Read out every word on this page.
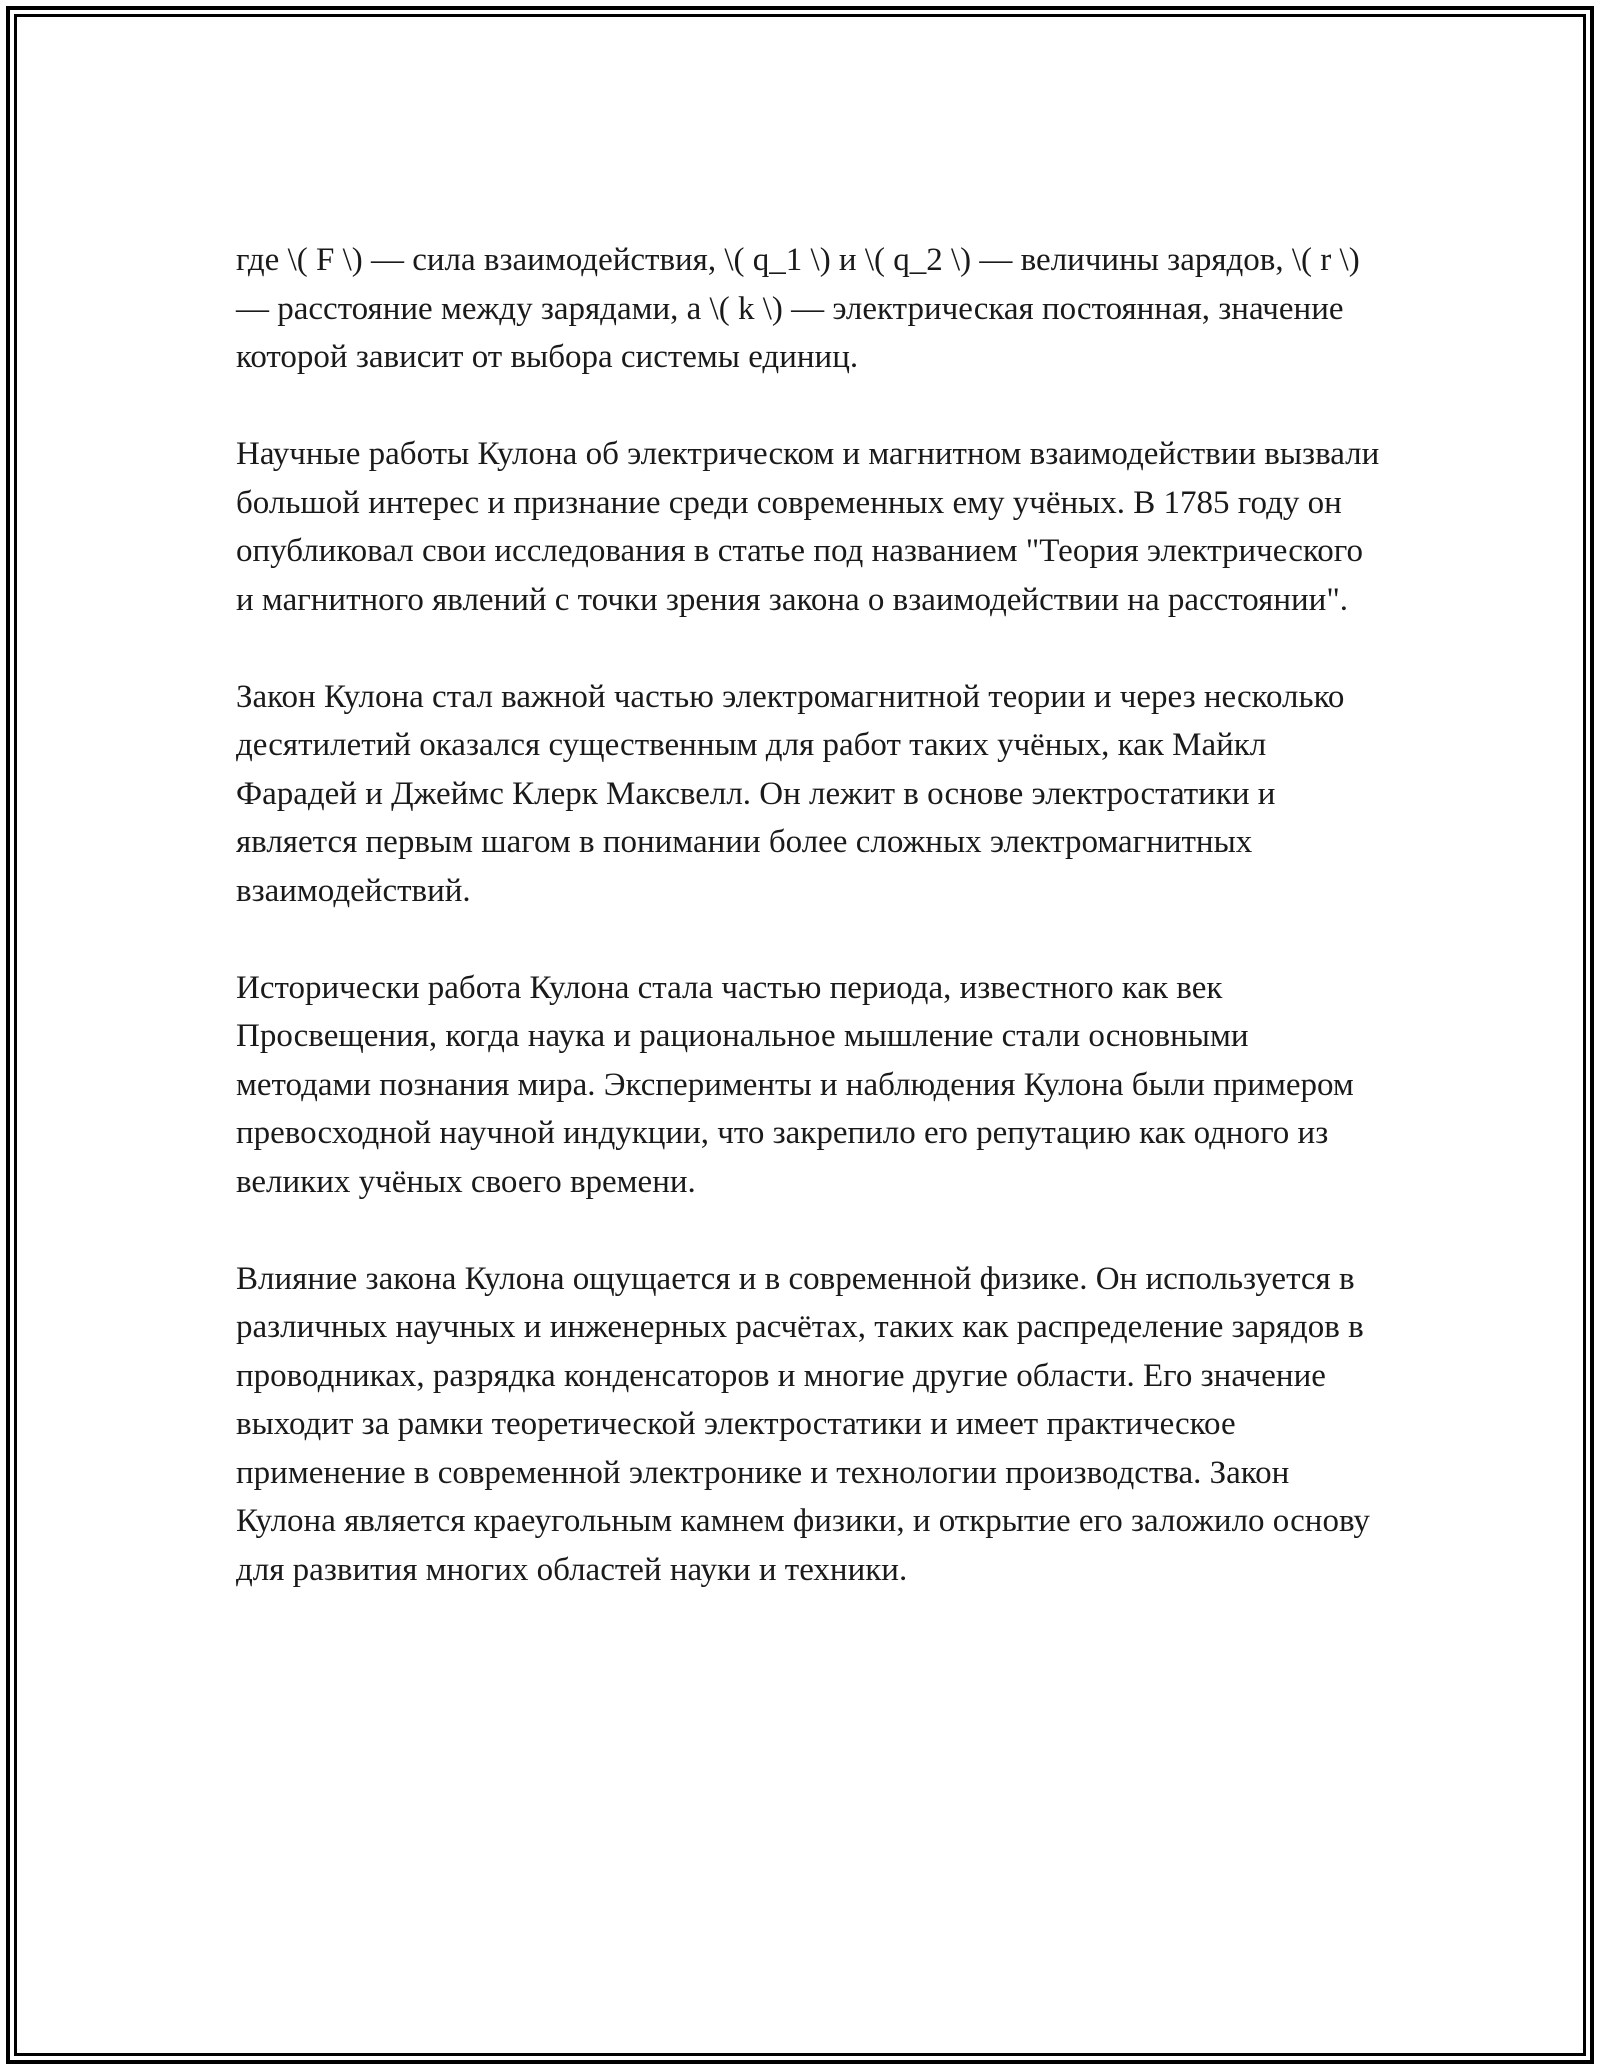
где \( F \) — сила взаимодействия, \( q_1 \) и \( q_2 \) — величины зарядов, \( r \) — расстояние между зарядами, а \( k \) — электрическая постоянная, значение которой зависит от выбора системы единиц.

Научные работы Кулона об электрическом и магнитном взаимодействии вызвали большой интерес и признание среди современных ему учёных. В 1785 году он опубликовал свои исследования в статье под названием "Теория электрического и магнитного явлений с точки зрения закона о взаимодействии на расстоянии".

Закон Кулона стал важной частью электромагнитной теории и через несколько десятилетий оказался существенным для работ таких учёных, как Майкл Фарадей и Джеймс Клерк Максвелл. Он лежит в основе электростатики и является первым шагом в понимании более сложных электромагнитных взаимодействий.

Исторически работа Кулона стала частью периода, известного как век Просвещения, когда наука и рациональное мышление стали основными методами познания мира. Эксперименты и наблюдения Кулона были примером превосходной научной индукции, что закрепило его репутацию как одного из великих учёных своего времени.

Влияние закона Кулона ощущается и в современной физике. Он используется в различных научных и инженерных расчётах, таких как распределение зарядов в проводниках, разрядка конденсаторов и многие другие области. Его значение выходит за рамки теоретической электростатики и имеет практическое применение в современной электронике и технологии производства. Закон Кулона является краеугольным камнем физики, и открытие его заложило основу для развития многих областей науки и техники.
